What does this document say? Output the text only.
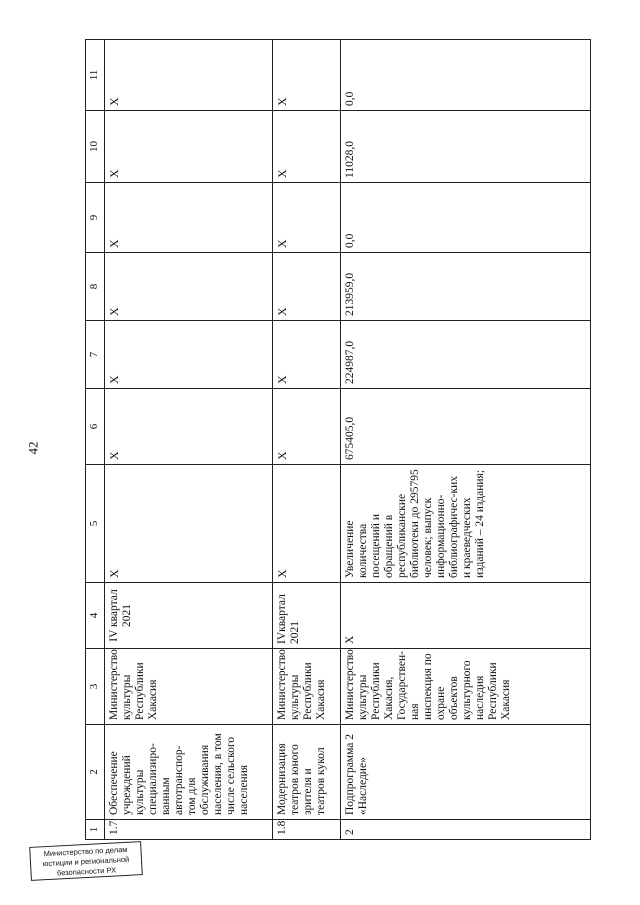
42
1	2	3	4	5	6	7	8	9	10	11
1.7	Обеспечение учреждений культуры специализиро-ванным автотранспор-том для обслуживания населения, в том числе сельского населения	Министерство культуры Республики Хакасия	IV квартал 2021	Х	Х	Х	Х	Х	Х	Х
1.8	Модернизация театров юного зрителя и театров кукол	Министерство культуры Республики Хакасия	IVквартал 2021	Х	Х	Х	Х	Х	Х	Х
2	Подпрограмма 2 «Наследие»	Министерство культуры Республики Хакасия, Государствен-ная инспекция по охране объектов культурного наследия Республики Хакасия	Х	Увеличение количества посещений и обращений в республиканские библиотеки до 295795 человек; выпуск информационно-библиографичес-ких и краеведческих изданий – 24 издания;	675405,0	224987,0	213959,0	0,0	11028,0	0,0
Министерство по делам
юстиции и региональной
безопасности РХ
